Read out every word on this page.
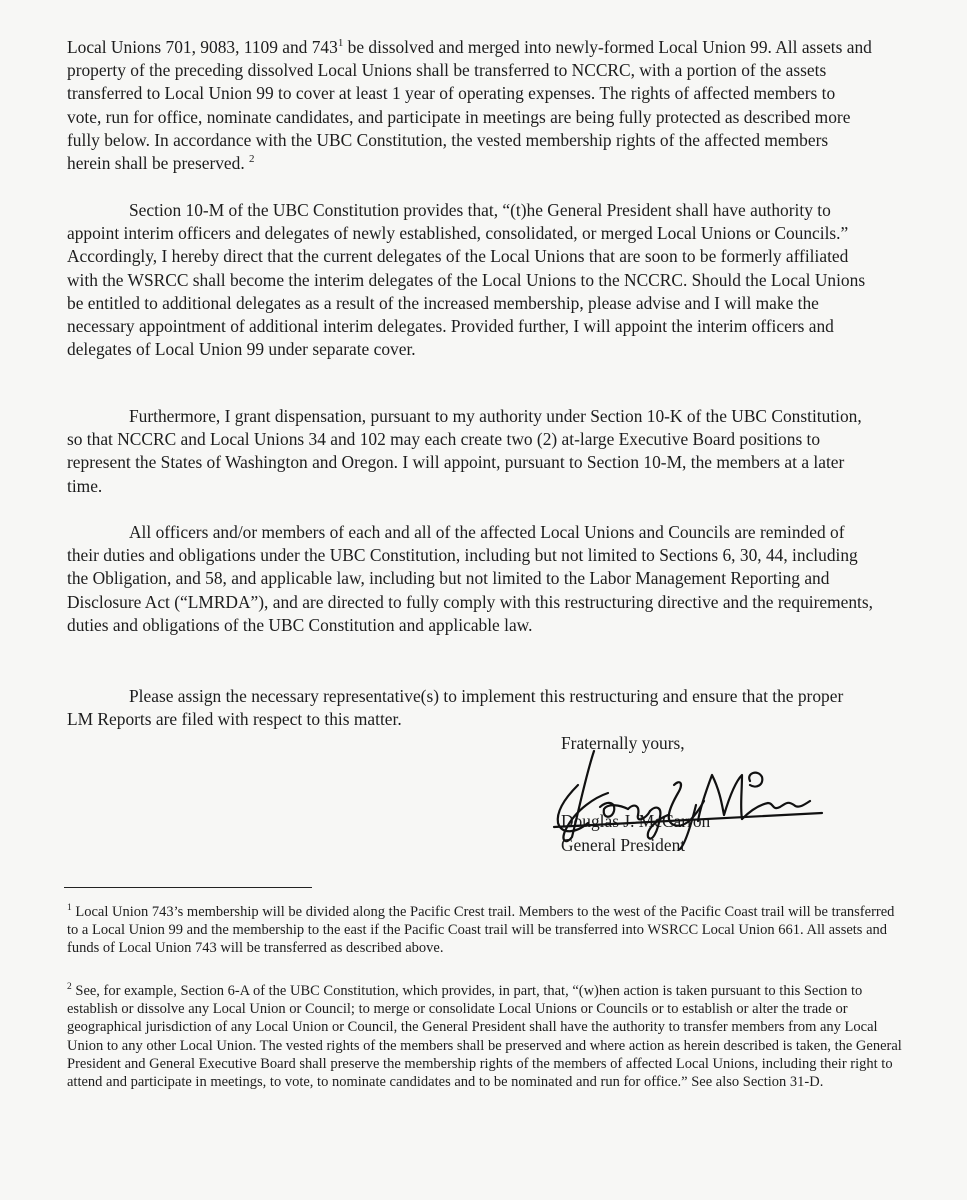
Local Unions 701, 9083, 1109 and $743^1$ be dissolved and merged into newly-formed Local Union 99. All assets and property of the preceding dissolved Local Unions shall be transferred to NCCRC, with a portion of the assets transferred to Local Union 99 to cover at least 1 year of operating expenses. The rights of affected members to vote, run for office, nominate candidates, and participate in meetings are being fully protected as described more fully below. In accordance with the UBC Constitution, the vested membership rights of the affected members herein shall be preserved. $^2$

Section 10-M of the UBC Constitution provides that, “(t)he General President shall have authority to appoint interim officers and delegates of newly established, consolidated, or merged Local Unions or Councils.” Accordingly, I hereby direct that the current delegates of the Local Unions that are soon to be formerly affiliated with the WSRCC shall become the interim delegates of the Local Unions to the NCCRC. Should the Local Unions be entitled to additional delegates as a result of the increased membership, please advise and I will make the necessary appointment of additional interim delegates. Provided further, I will appoint the interim officers and delegates of Local Union 99 under separate cover.

Furthermore, I grant dispensation, pursuant to my authority under Section 10-K of the UBC Constitution, so that NCCRC and Local Unions 34 and 102 may each create two (2) at-large Executive Board positions to represent the States of Washington and Oregon. I will appoint, pursuant to Section 10-M, the members at a later time.

All officers and/or members of each and all of the affected Local Unions and Councils are reminded of their duties and obligations under the UBC Constitution, including but not limited to Sections 6, 30, 44, including the Obligation, and 58, and applicable law, including but not limited to the Labor Management Reporting and Disclosure Act (“LMRDA”), and are directed to fully comply with this restructuring directive and the requirements, duties and obligations of the UBC Constitution and applicable law.

Please assign the necessary representative(s) to implement this restructuring and ensure that the proper LM Reports are filed with respect to this matter.

Fraternally yours,
Douglas J. McCarron
General President

$^1$ Local Union 743’s membership will be divided along the Pacific Crest trail. Members to the west of the Pacific Coast trail will be transferred to a Local Union 99 and the membership to the east if the Pacific Coast trail will be transferred into WSRCC Local Union 661. All assets and funds of Local Union 743 will be transferred as described above.

$^2$ See, for example, Section 6-A of the UBC Constitution, which provides, in part, that, “(w)hen action is taken pursuant to this Section to establish or dissolve any Local Union or Council; to merge or consolidate Local Unions or Councils or to establish or alter the trade or geographical jurisdiction of any Local Union or Council, the General President shall have the authority to transfer members from any Local Union to any other Local Union. The vested rights of the members shall be preserved and where action as herein described is taken, the General President and General Executive Board shall preserve the membership rights of the members of affected Local Unions, including their right to attend and participate in meetings, to vote, to nominate candidates and to be nominated and run for office.” See also Section 31-D.
